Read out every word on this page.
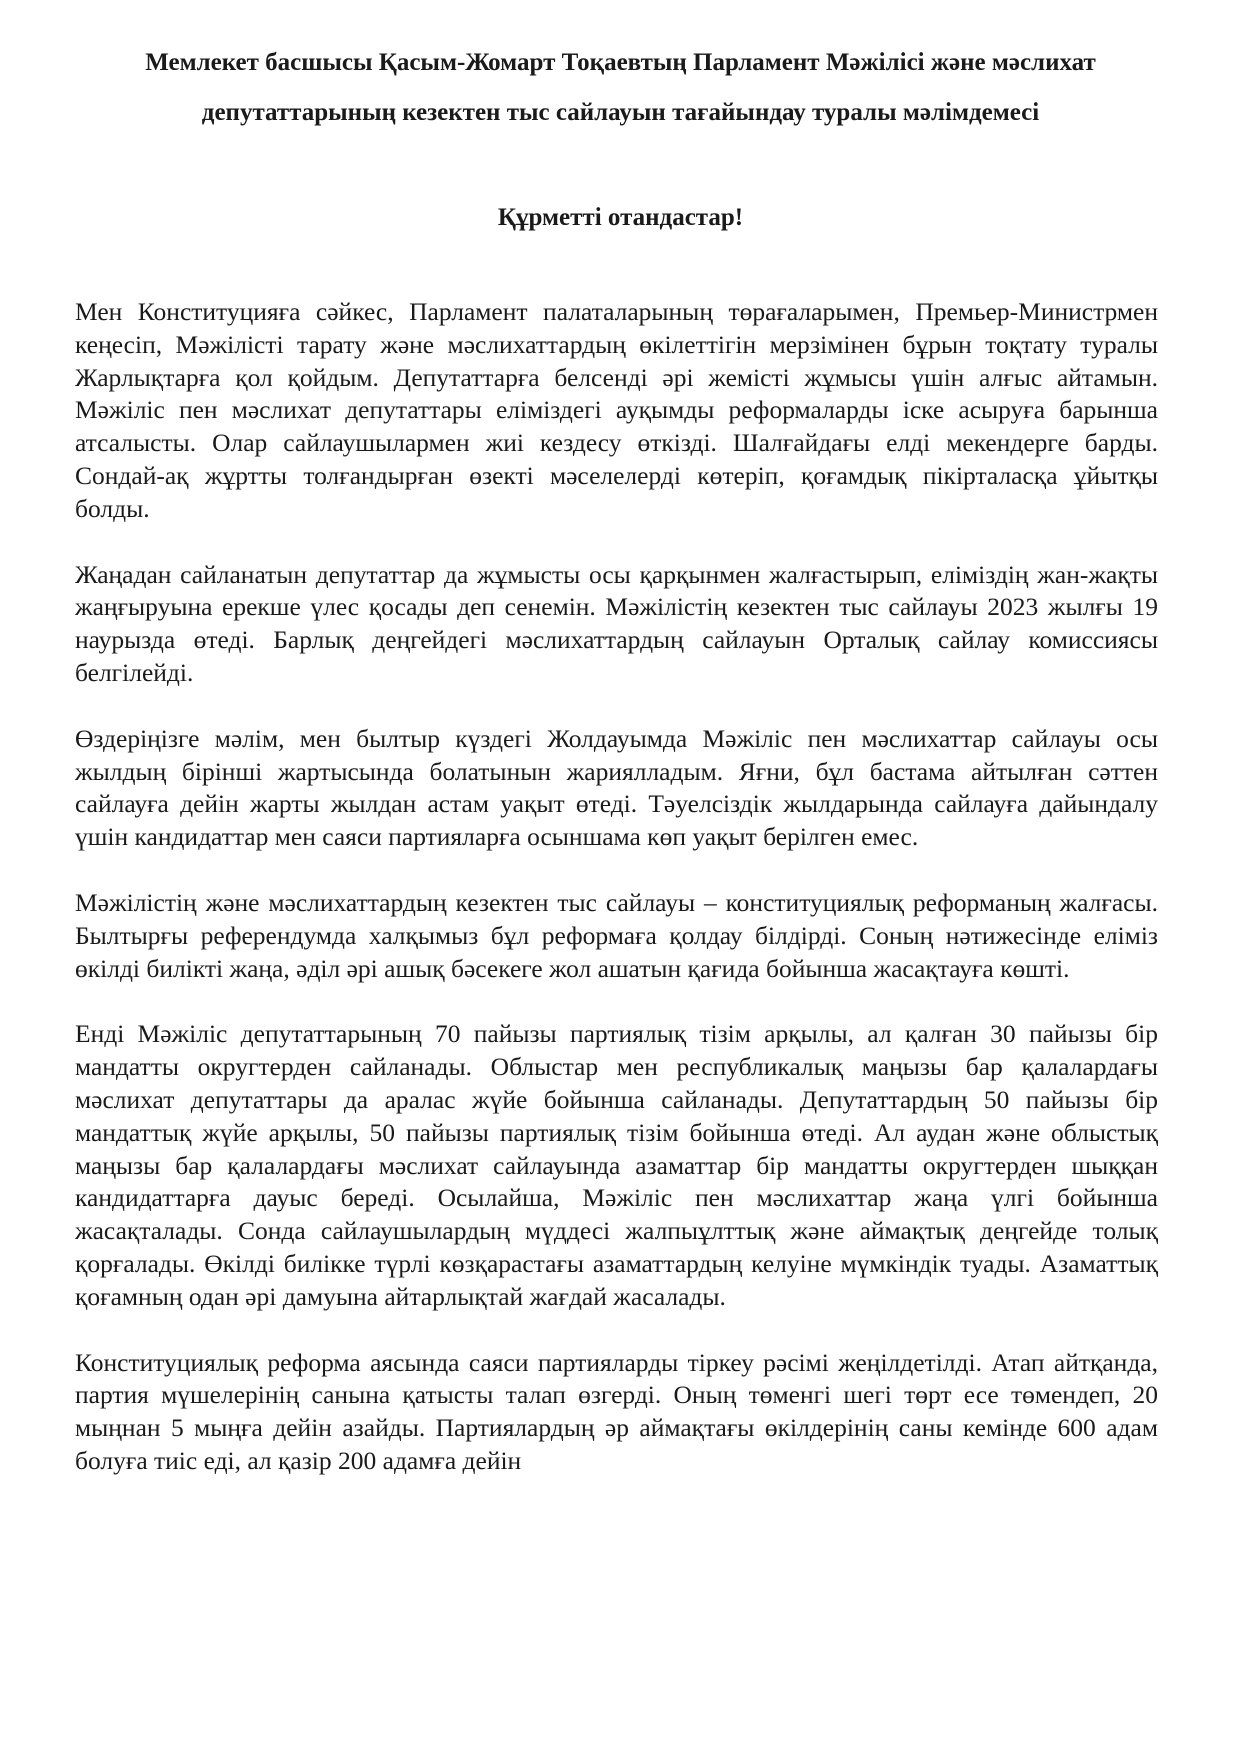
Мемлекет басшысы Қасым-Жомарт Тоқаевтың Парламент Мәжілісі және мәслихат депутаттарының кезектен тыс сайлауын тағайындау туралы мәлімдемесі
Құрметті отандастар!

Мен Конституцияға сәйкес, Парламент палаталарының төрағаларымен, Премьер-Министрмен кеңесіп, Мәжілісті тарату және мәслихаттардың өкілеттігін мерзімінен бұрын тоқтату туралы Жарлықтарға қол қойдым. Депутаттарға белсенді әрі жемісті жұмысы үшін алғыс айтамын. Мәжіліс пен мәслихат депутаттары еліміздегі ауқымды реформаларды іске асыруға барынша атсалысты. Олар сайлаушылармен жиі кездесу өткізді. Шалғайдағы елді мекендерге барды. Сондай-ақ жұртты толғандырған өзекті мәселелерді көтеріп, қоғамдық пікірталасқа ұйытқы болды.

Жаңадан сайланатын депутаттар да жұмысты осы қарқынмен жалғастырып, еліміздің жан-жақты жаңғыруына ерекше үлес қосады деп сенемін. Мәжілістің кезектен тыс сайлауы 2023 жылғы 19 наурызда өтеді. Барлық деңгейдегі мәслихаттардың сайлауын Орталық сайлау комиссиясы белгілейді.

Өздеріңізге мәлім, мен былтыр күздегі Жолдауымда Мәжіліс пен мәслихаттар сайлауы осы жылдың бірінші жартысында болатынын жариялладым. Яғни, бұл бастама айтылған сәттен сайлауға дейін жарты жылдан астам уақыт өтеді. Тәуелсіздік жылдарында сайлауға дайындалу үшін кандидаттар мен саяси партияларға осыншама көп уақыт берілген емес.

Мәжілістің және мәслихаттардың кезектен тыс сайлауы – конституциялық реформаның жалғасы. Былтырғы референдумда халқымыз бұл реформаға қолдау білдірді. Соның нәтижесінде еліміз өкілді билікті жаңа, әділ әрі ашық бәсекеге жол ашатын қағида бойынша жасақтауға көшті.

Енді Мәжіліс депутаттарының 70 пайызы партиялық тізім арқылы, ал қалған 30 пайызы бір мандатты округтерден сайланады. Облыстар мен республикалық маңызы бар қалалардағы мәслихат депутаттары да аралас жүйе бойынша сайланады. Депутаттардың 50 пайызы бір мандаттық жүйе арқылы, 50 пайызы партиялық тізім бойынша өтеді. Ал аудан және облыстық маңызы бар қалалардағы мәслихат сайлауында азаматтар бір мандатты округтерден шыққан кандидаттарға дауыс береді. Осылайша, Мәжіліс пен мәслихаттар жаңа үлгі бойынша жасақталады. Сонда сайлаушылардың мүддесі жалпыұлттық және аймақтық деңгейде толық қорғалады. Өкілді билікке түрлі көзқарастағы азаматтардың келуіне мүмкіндік туады. Азаматтық қоғамның одан әрі дамуына айтарлықтай жағдай жасалады.

Конституциялық реформа аясында саяси партияларды тіркеу рәсімі жеңілдетілді. Атап айтқанда, партия мүшелерінің санына қатысты талап өзгерді. Оның төменгі шегі төрт есе төмендеп, 20 мыңнан 5 мыңға дейін азайды. Партиялардың әр аймақтағы өкілдерінің саны кемінде 600 адам болуға тиіс еді, ал қазір 200 адамға дейін
